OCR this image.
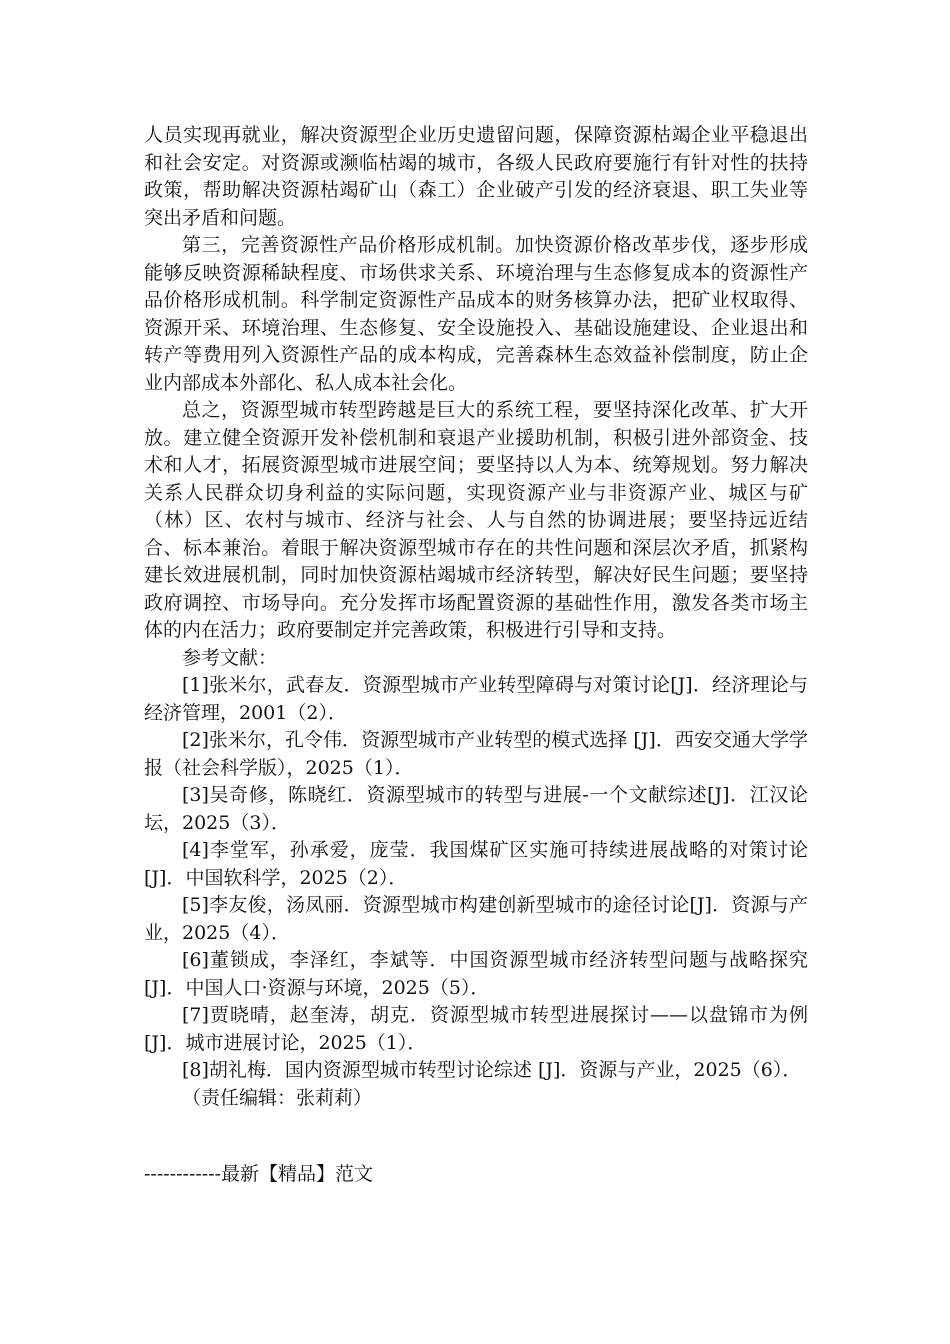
人员实现再就业，解决资源型企业历史遗留问题，保障资源枯竭企业平稳退出和社会安定。对资源或濒临枯竭的城市，各级人民政府要施行有针对性的扶持政策，帮助解决资源枯竭矿山（森工）企业破产引发的经济衰退、职工失业等突出矛盾和问题。

第三，完善资源性产品价格形成机制。加快资源价格改革步伐，逐步形成能够反映资源稀缺程度、市场供求关系、环境治理与生态修复成本的资源性产品价格形成机制。科学制定资源性产品成本的财务核算办法，把矿业权取得、资源开采、环境治理、生态修复、安全设施投入、基础设施建设、企业退出和转产等费用列入资源性产品的成本构成，完善森林生态效益补偿制度，防止企业内部成本外部化、私人成本社会化。

总之，资源型城市转型跨越是巨大的系统工程，要坚持深化改革、扩大开放。建立健全资源开发补偿机制和衰退产业援助机制，积极引进外部资金、技术和人才，拓展资源型城市进展空间；要坚持以人为本、统筹规划。努力解决关系人民群众切身利益的实际问题，实现资源产业与非资源产业、城区与矿（林）区、农村与城市、经济与社会、人与自然的协调进展；要坚持远近结合、标本兼治。着眼于解决资源型城市存在的共性问题和深层次矛盾，抓紧构建长效进展机制，同时加快资源枯竭城市经济转型，解决好民生问题；要坚持政府调控、市场导向。充分发挥市场配置资源的基础性作用，激发各类市场主体的内在活力；政府要制定并完善政策，积极进行引导和支持。

参考文献：

[1]张米尔，武春友．资源型城市产业转型障碍与对策讨论[J]．经济理论与经济管理，2001（2）．

[2]张米尔，孔令伟．资源型城市产业转型的模式选择 [J]．西安交通大学学报（社会科学版），2025（1）．

[3]吴奇修，陈晓红．资源型城市的转型与进展-一个文献综述[J]．江汉论坛，2025（3）．

[4]李堂军，孙承爱，庞莹．我国煤矿区实施可持续进展战略的对策讨论 [J]．中国软科学，2025（2）．

[5]李友俊，汤凤丽．资源型城市构建创新型城市的途径讨论[J]．资源与产业，2025（4）．

[6]董锁成，李泽红，李斌等．中国资源型城市经济转型问题与战略探究 [J]．中国人口·资源与环境，2025（5）．

[7]贾晓晴，赵奎涛，胡克．资源型城市转型进展探讨——以盘锦市为例 [J]．城市进展讨论，2025（1）．

[8]胡礼梅．国内资源型城市转型讨论综述 [J]．资源与产业，2025（6）．

（责任编辑：张莉莉）

------------最新【精品】范文
